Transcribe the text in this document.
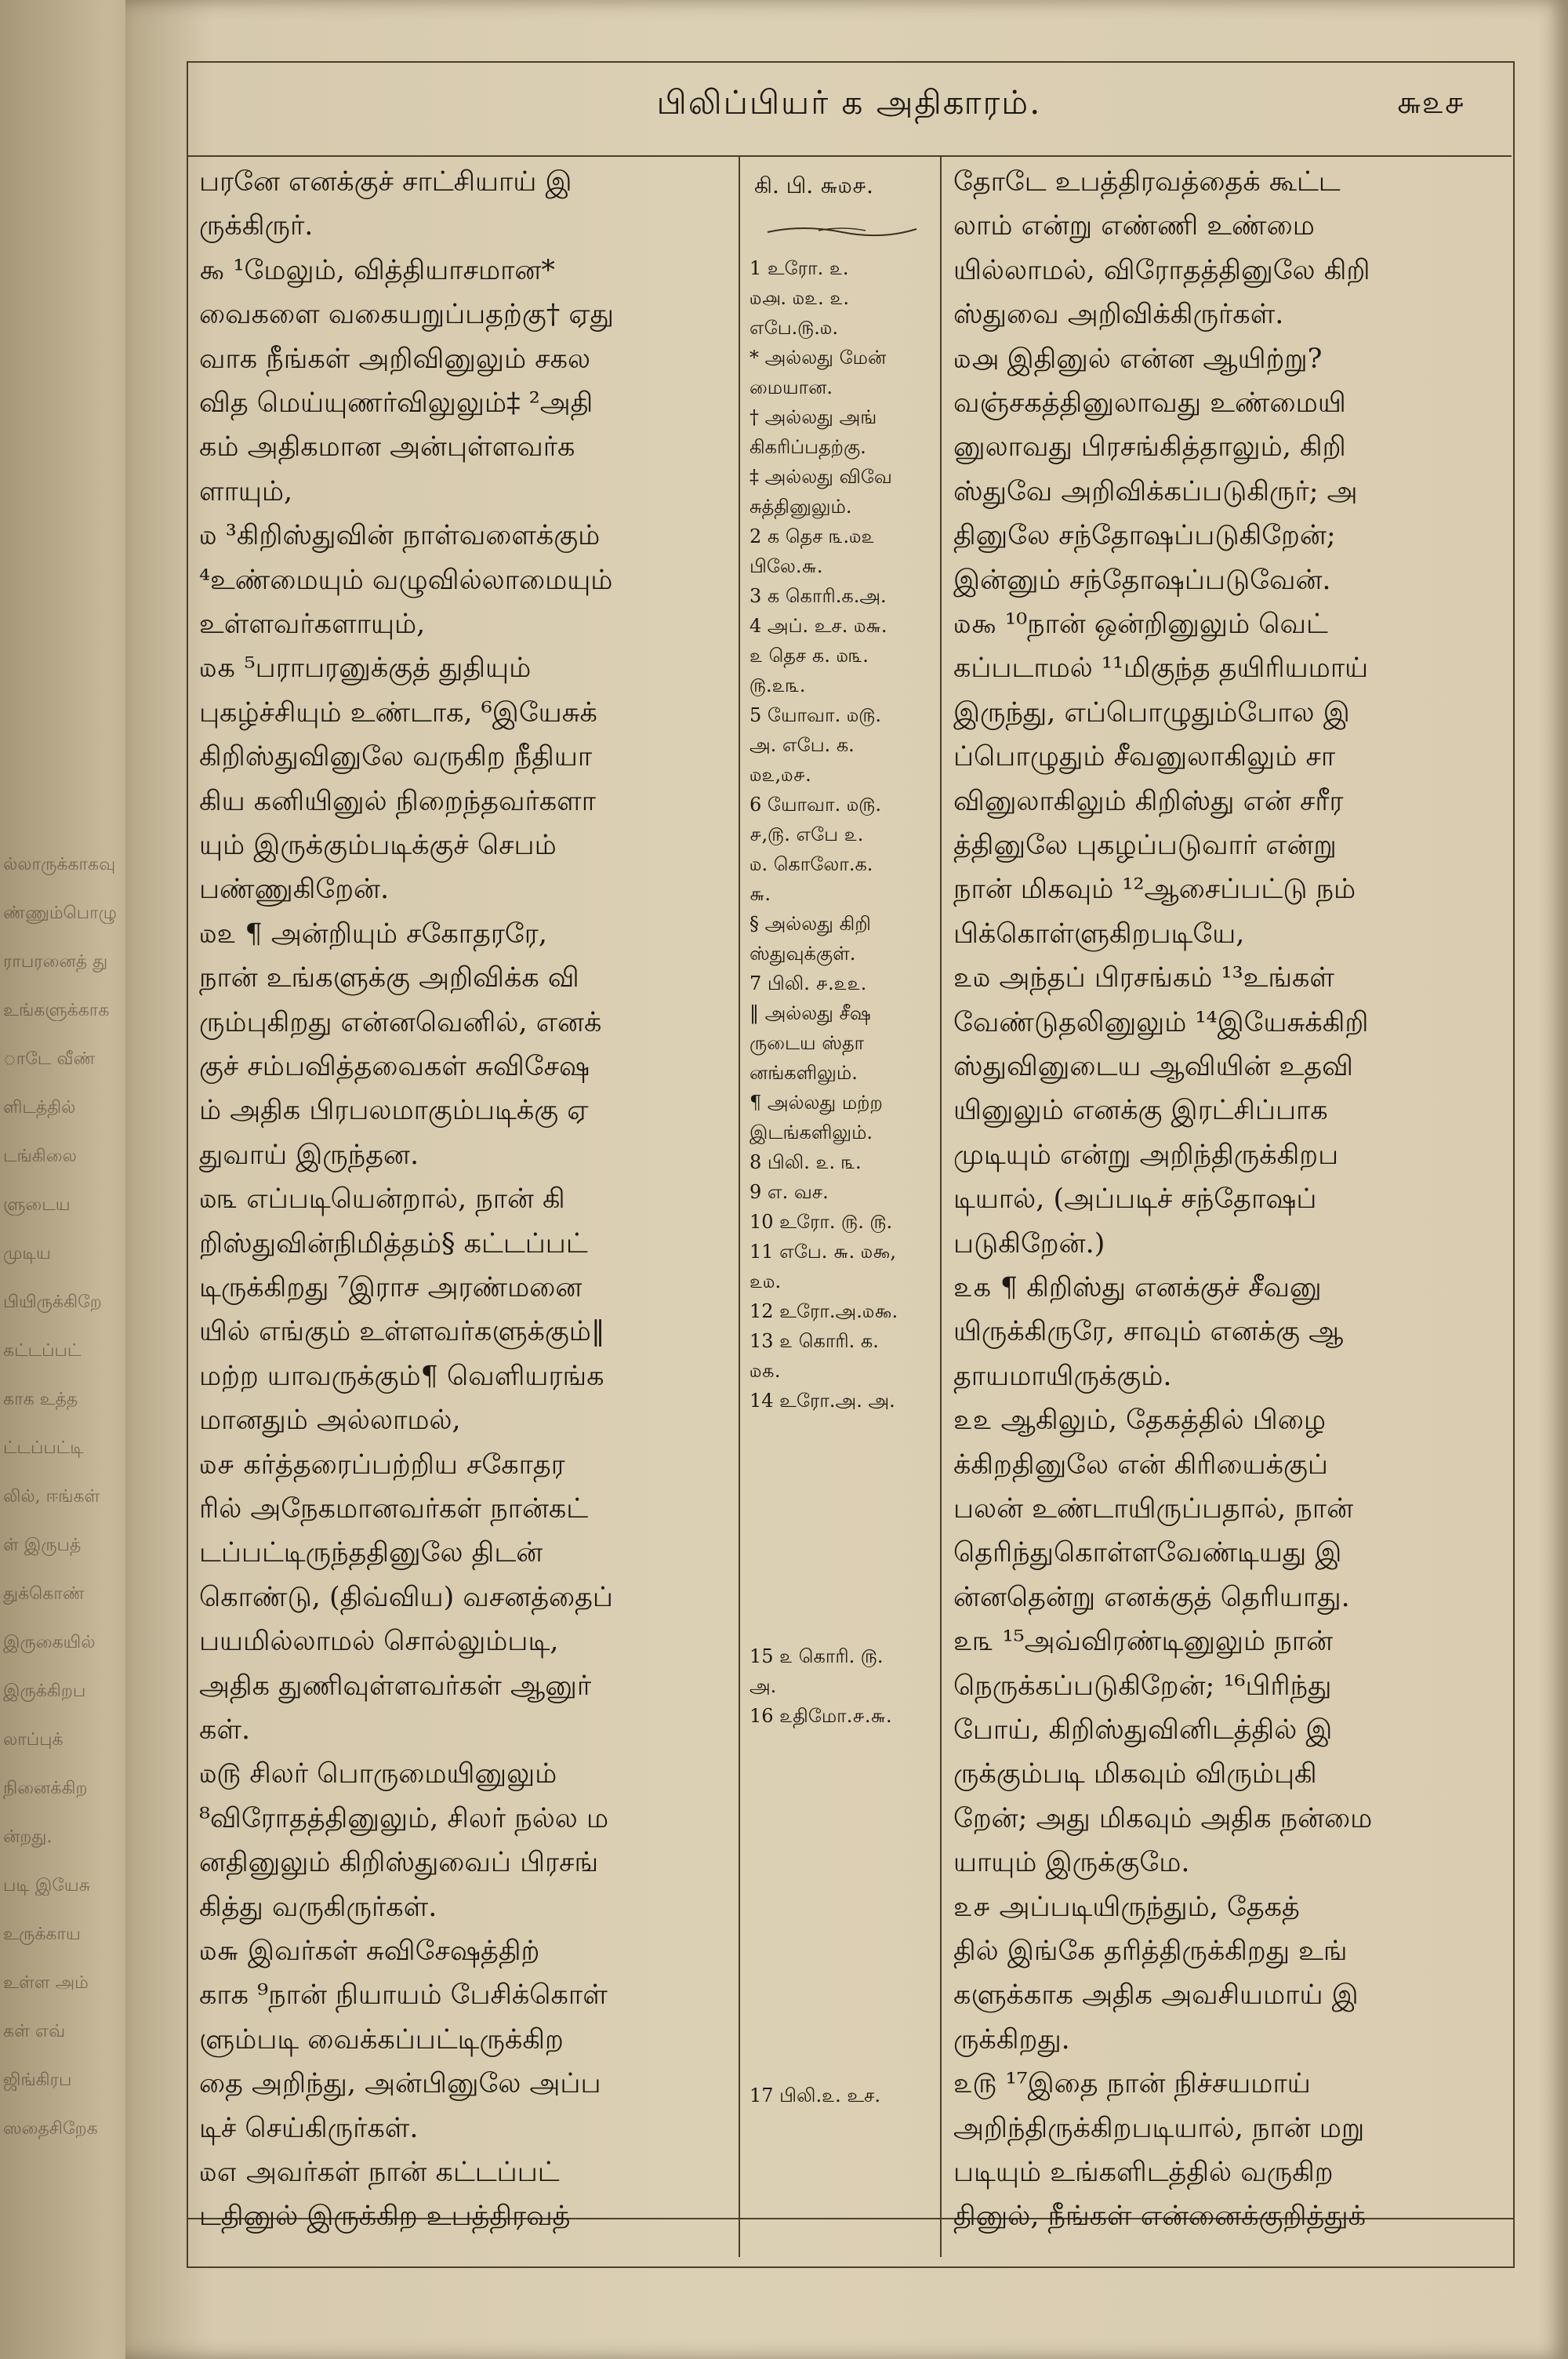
ல்லாருக்காகவு
ண்ணும்பொழு
ராபரனைத் து
உங்களுக்காக
ாடே வீண்
ளிடத்தில்
டங்கிலை
ளுடைய
முடிய
பியிருக்கிறே
கட்டப்பட்
காக உத்த
ட்டப்பட்டி
லில், ஈங்கள்
ள் இருபத்
துக்கொண்
இருகையில்
இருக்கிறப
லாப்புக்
நினைக்கிற
ன்றது.
படி இயேசு
உருக்காய
உள்ள அம்
கள் எவ்
ஜிங்கிரப
ஸதைசிறேக
பிலிப்பியர் க அதிகாரம்.	௬௨௪
பரனே எனக்குச் சாட்சியாய் இ
ருக்கிருர்.
௯ ¹மேலும், வித்தியாசமான*
வைகளை வகையறுப்பதற்கு† ஏது
வாக நீங்கள் அறிவினுலும் சகல
வித மெய்யுணர்விலுலும்‡ ²அதி
கம் அதிகமான அன்புள்ளவர்க
ளாயும்,
௰ ³கிறிஸ்துவின் நாள்வளைக்கும்
⁴உண்மையும் வழுவில்லாமையும்
உள்ளவர்களாயும்,
௰௧ ⁵பராபரனுக்குத் துதியும்
புகழ்ச்சியும் உண்டாக, ⁶இயேசுக்
கிறிஸ்துவினுலே வருகிற நீதியா
கிய கனியினுல் நிறைந்தவர்களா
யும் இருக்கும்படிக்குச் செபம்
பண்ணுகிறேன்.
௰௨ ¶ அன்றியும் சகோதரரே,
நான் உங்களுக்கு அறிவிக்க வி
ரும்புகிறது என்னவெனில், எனக்
குச் சம்பவித்தவைகள் சுவிசேஷ
ம் அதிக பிரபலமாகும்படிக்கு ஏ
துவாய் இருந்தன.
௰௩ எப்படியென்றால், நான் கி
றிஸ்துவின்நிமித்தம்§ கட்டப்பட்
டிருக்கிறது ⁷இராச அரண்மனை
யில் எங்கும் உள்ளவர்களுக்கும்‖
மற்ற யாவருக்கும்¶ வெளியரங்க
மானதும் அல்லாமல்,
௰௪ கர்த்தரைப்பற்றிய சகோதர
ரில் அநேகமானவர்கள் நான்கட்
டப்பட்டிருந்ததினுலே திடன்
கொண்டு, (திவ்விய) வசனத்தைப்
பயமில்லாமல் சொல்லும்படி,
அதிக துணிவுள்ளவர்கள் ஆனுர்
கள்.
௰௫ சிலர் பொருமையினுலும்
⁸விரோதத்தினுலும், சிலர் நல்ல ம
னதினுலும் கிறிஸ்துவைப் பிரசங்
கித்து வருகிருர்கள்.
௰௬ இவர்கள் சுவிசேஷத்திற்
காக ⁹நான் நியாயம் பேசிக்கொள்
ளும்படி வைக்கப்பட்டிருக்கிற
தை அறிந்து, அன்பினுலே அப்ப
டிச் செய்கிருர்கள்.
௰௭ அவர்கள் நான் கட்டப்பட்
டதினுல் இருக்கிற உபத்திரவத்
கி. பி. ௬௰௪.
1 உரோ. ௨.
௰௮. ௰௨. ௨.
எபே.௫.௰.
* அல்லது மேன்
மையான.
† அல்லது அங்
கிகரிப்பதற்கு.
‡ அல்லது விவே
சுத்தினுலும்.
2 க தெச ௩.௰௨
பிலே.௬.
3 க கொரி.க.அ.
4 அப். உச. ௰௬.
௨ தெச க. ௰௩.
௫.௨௩.
5 யோவா. ௰௫.
அ. எபே. க.
௰௨,௰௪.
6 யோவா. ௰௫.
௪,௫. எபே ௨.
௰. கொலோ.க.
௬.
§ அல்லது கிறி
ஸ்துவுக்குள்.
7 பிலி. ௪.௨௨.
‖ அல்லது சீஷ
ருடைய ஸ்தா
னங்களிலும்.
¶ அல்லது மற்ற
இடங்களிலும்.
8 பிலி. ௨. ௩.
9 எ. வச.
10 உரோ. ௫. ௫.
11 எபே. ௬. ௰௯,
௨௰.
12 உரோ.அ.௰௯.
13 ௨ கொரி. க.
௰௧.
14 உரோ.அ. அ.
15 ௨ கொரி. ௫.
அ.
16 ௨திமோ.௪.௬.
17 பிலி.௨. உச.
தோடே உபத்திரவத்தைக் கூட்ட
லாம் என்று எண்ணி உண்மை
யில்லாமல், விரோதத்தினுலே கிறி
ஸ்துவை அறிவிக்கிருர்கள்.
௰௮ இதினுல் என்ன ஆயிற்று?
வஞ்சகத்தினுலாவது உண்மையி
னுலாவது பிரசங்கித்தாலும், கிறி
ஸ்துவே அறிவிக்கப்படுகிருர்; அ
தினுலே சந்தோஷப்படுகிறேன்;
இன்னும் சந்தோஷப்படுவேன்.
௰௯ ¹⁰நான் ஒன்றினுலும் வெட்
கப்படாமல் ¹¹மிகுந்த தயிரியமாய்
இருந்து, எப்பொழுதும்போல இ
ப்பொழுதும் சீவனுலாகிலும் சா
வினுலாகிலும் கிறிஸ்து என் சரீர
த்தினுலே புகழப்படுவார் என்று
நான் மிகவும் ¹²ஆசைப்பட்டு நம்
பிக்கொள்ளுகிறபடியே,
௨௰ அந்தப் பிரசங்கம் ¹³உங்கள்
வேண்டுதலினுலும் ¹⁴இயேசுக்கிறி
ஸ்துவினுடைய ஆவியின் உதவி
யினுலும் எனக்கு இரட்சிப்பாக
முடியும் என்று அறிந்திருக்கிறப
டியால், (அப்படிச் சந்தோஷப்
படுகிறேன்.)
௨௧ ¶ கிறிஸ்து எனக்குச் சீவனு
யிருக்கிருரே, சாவும் எனக்கு ஆ
தாயமாயிருக்கும்.
௨௨ ஆகிலும், தேகத்தில் பிழை
க்கிறதினுலே என் கிரியைக்குப்
பலன் உண்டாயிருப்பதால், நான்
தெரிந்துகொள்ளவேண்டியது இ
ன்னதென்று எனக்குத் தெரியாது.
௨௩ ¹⁵அவ்விரண்டினுலும் நான்
நெருக்கப்படுகிறேன்; ¹⁶பிரிந்து
போய், கிறிஸ்துவினிடத்தில் இ
ருக்கும்படி மிகவும் விரும்புகி
றேன்; அது மிகவும் அதிக நன்மை
யாயும் இருக்குமே.
௨௪ அப்படியிருந்தும், தேகத்
தில் இங்கே தரித்திருக்கிறது உங்
களுக்காக அதிக அவசியமாய் இ
ருக்கிறது.
௨௫ ¹⁷இதை நான் நிச்சயமாய்
அறிந்திருக்கிறபடியால், நான் மறு
படியும் உங்களிடத்தில் வருகிற
தினுல், நீங்கள் என்னைக்குறித்துக்
